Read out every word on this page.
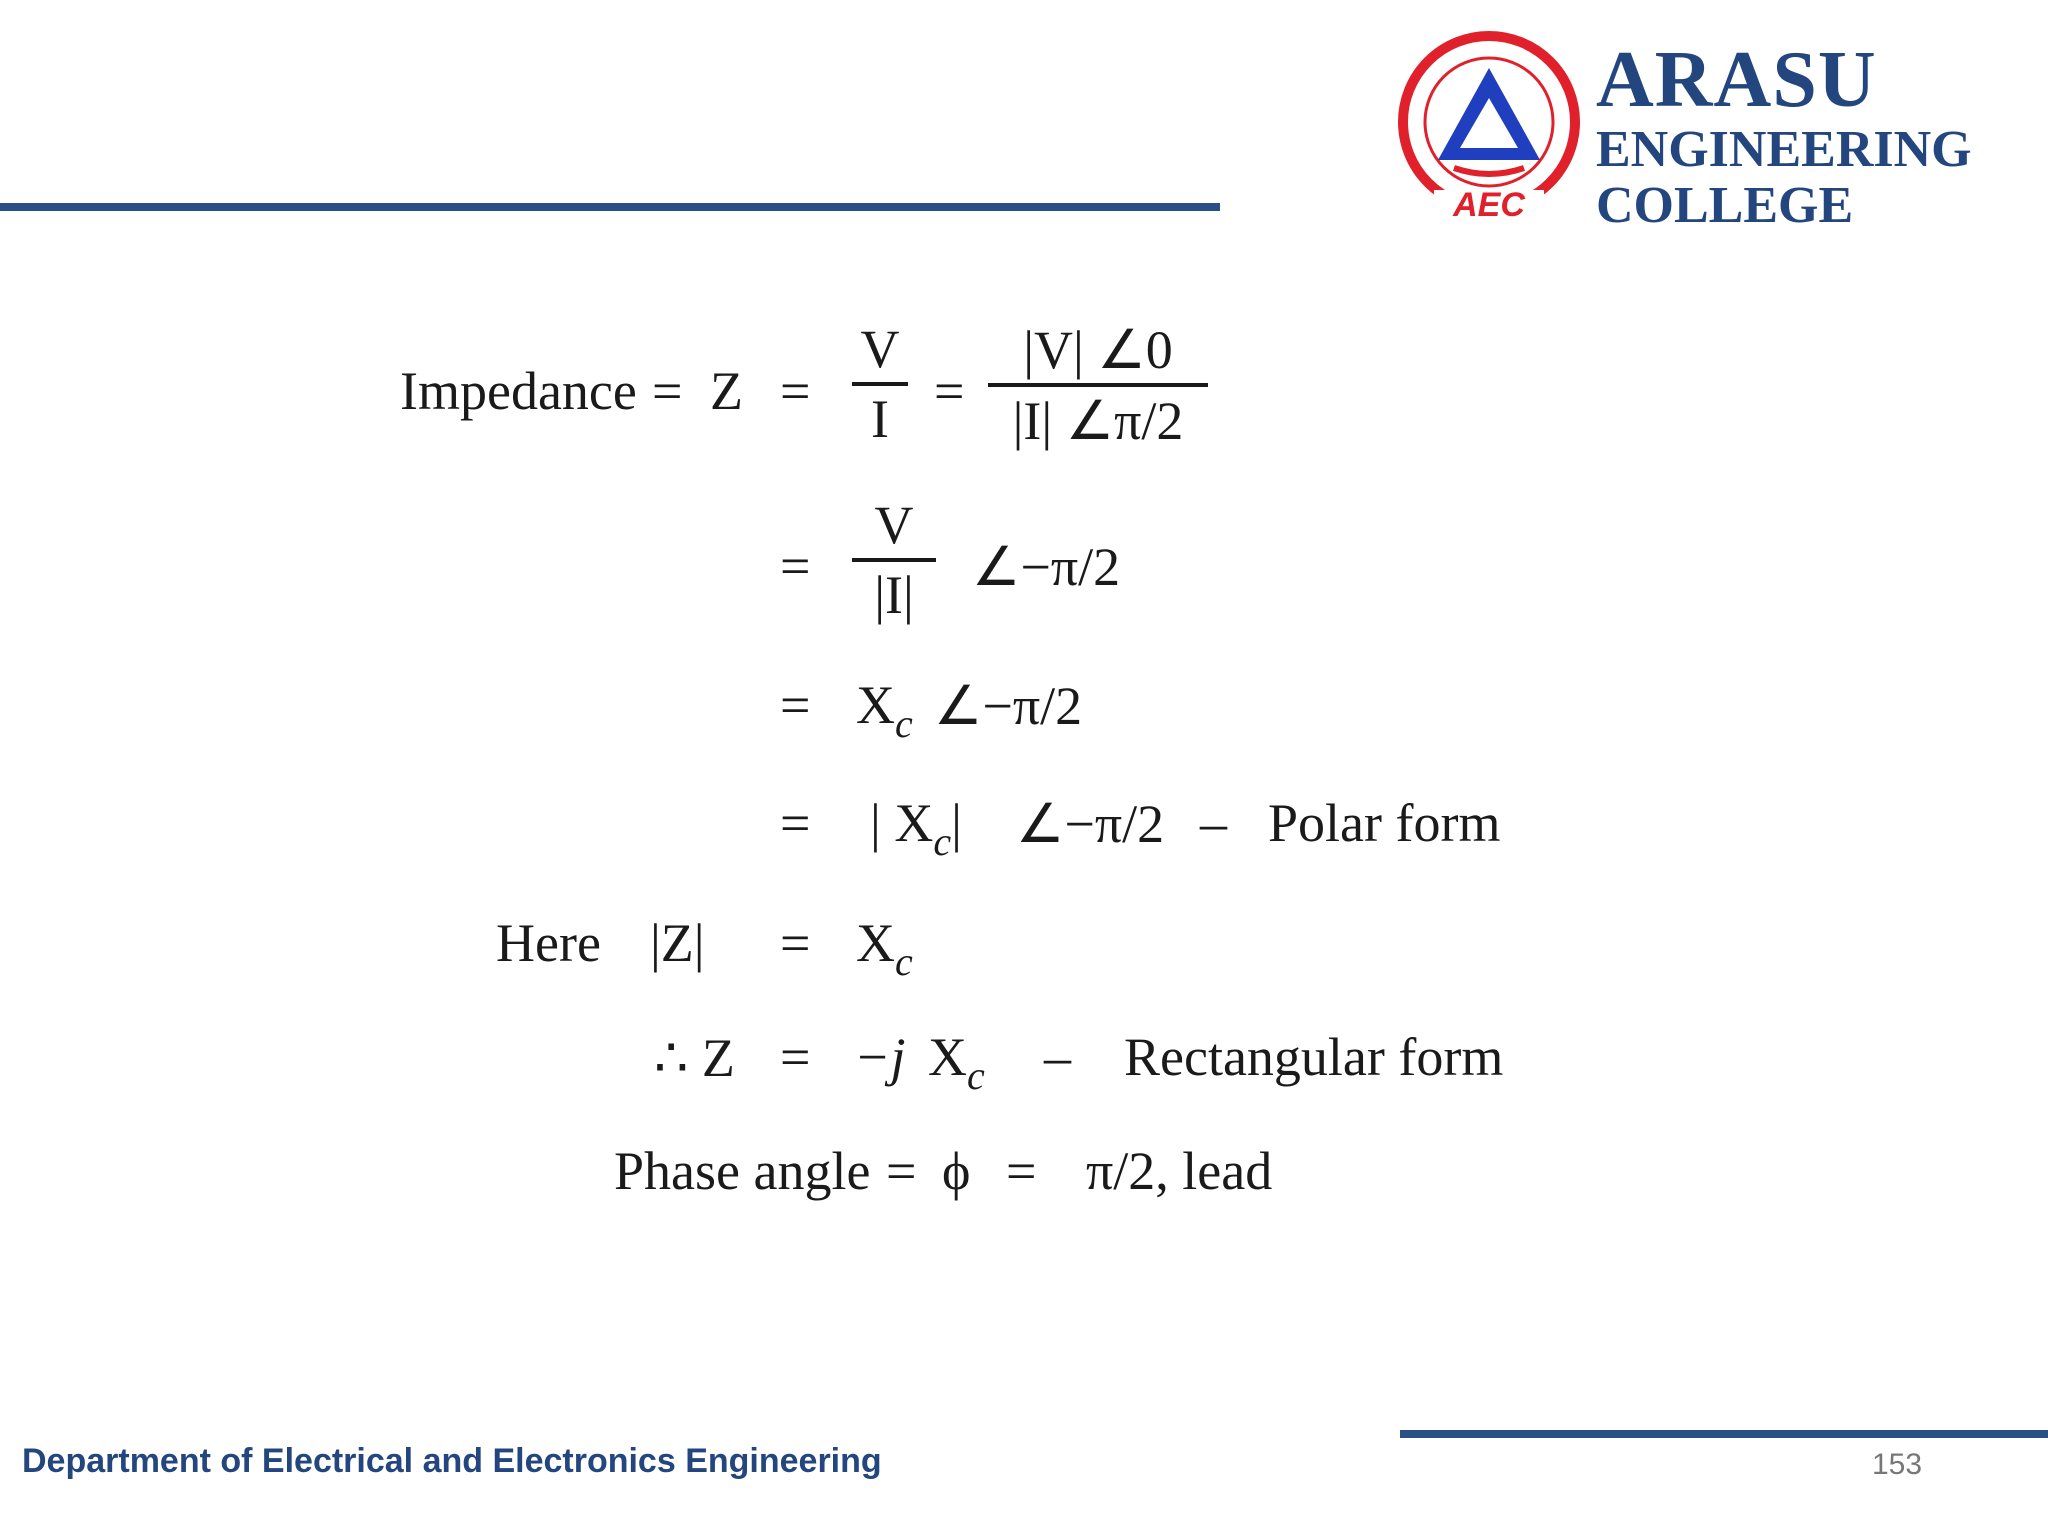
AEC
ARASU
ENGINEERING
COLLEGE
Impedance = Z =
V
I =
|V| ∠0
|I| ∠π/2
=
V
|I|	∠−π/2
= $X_c$ ∠−π/2
= | $X_c|$ ∠−π/2 – Polar form
Here $|Z| = X_c$
∴ Z = −j $X_c$ – Rectangular form
Phase angle = ϕ = π/2, lead
Department of Electrical and Electronics Engineering	153
